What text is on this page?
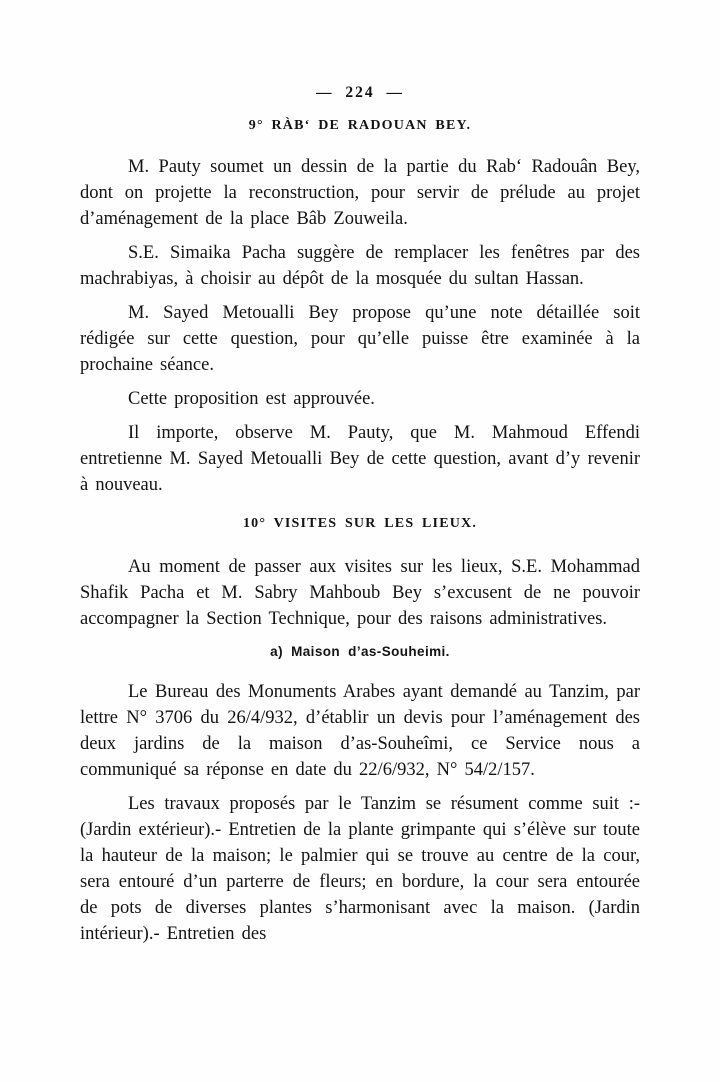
— 224 —
9° RÀB‘ DE RADOUAN BEY.

M. Pauty soumet un dessin de la partie du Rab‘ Radouân Bey, dont on projette la reconstruction, pour servir de prélude au projet d’aménagement de la place Bâb Zouweila.

S.E. Simaika Pacha suggère de remplacer les fenêtres par des machrabiyas, à choisir au dépôt de la mosquée du sultan Hassan.

M. Sayed Metoualli Bey propose qu’une note détaillée soit rédigée sur cette question, pour qu’elle puisse être examinée à la prochaine séance.

Cette proposition est approuvée.

Il importe, observe M. Pauty, que M. Mahmoud Effendi entretienne M. Sayed Metoualli Bey de cette question, avant d’y revenir à nouveau.

10° VISITES SUR LES LIEUX.

Au moment de passer aux visites sur les lieux, S.E. Mohammad Shafik Pacha et M. Sabry Mahboub Bey s’excusent de ne pouvoir accompagner la Section Technique, pour des raisons administratives.

a) Maison d’as-Souheimi.

Le Bureau des Monuments Arabes ayant demandé au Tanzim, par lettre N° 3706 du 26/4/932, d’établir un devis pour l’aménagement des deux jardins de la maison d’as-Souheîmi, ce Service nous a communiqué sa réponse en date du 22/6/932, N° 54/2/157.

Les travaux proposés par le Tanzim se résument comme suit :- (Jardin extérieur).- Entretien de la plante grimpante qui s’élève sur toute la hauteur de la maison; le palmier qui se trouve au centre de la cour, sera entouré d’un parterre de fleurs; en bordure, la cour sera entourée de pots de diverses plantes s’harmonisant avec la maison. (Jardin intérieur).- Entretien des
